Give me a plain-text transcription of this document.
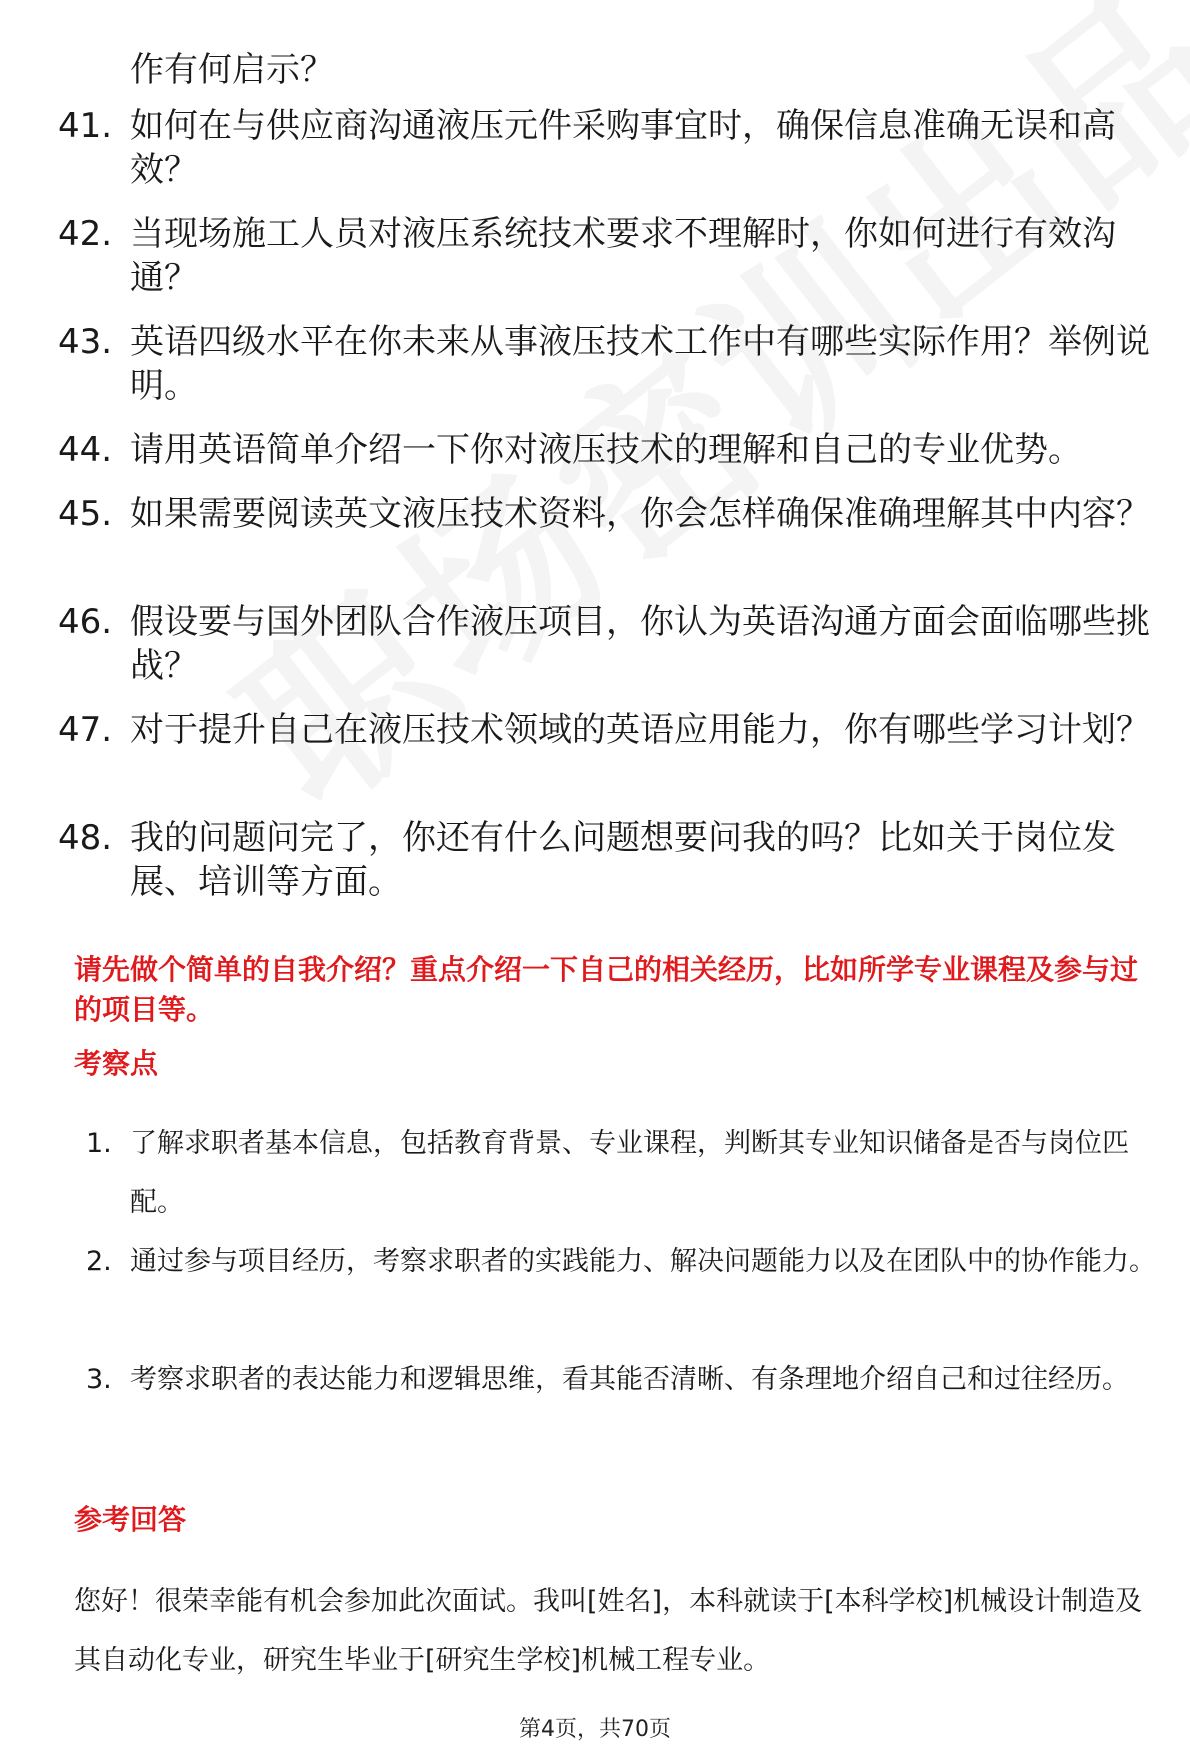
作有何启示？
41. 如何在与供应商沟通液压元件采购事宜时，确保信息准确无误和高效？
42. 当现场施工人员对液压系统技术要求不理解时，你如何进行有效沟通？
43. 英语四级水平在你未来从事液压技术工作中有哪些实际作用？举例说明。
44. 请用英语简单介绍一下你对液压技术的理解和自己的专业优势。
45. 如果需要阅读英文液压技术资料，你会怎样确保准确理解其中内容？
46. 假设要与国外团队合作液压项目，你认为英语沟通方面会面临哪些挑战？
47. 对于提升自己在液压技术领域的英语应用能力，你有哪些学习计划？
48. 我的问题问完了，你还有什么问题想要问我的吗？比如关于岗位发展、培训等方面。
请先做个简单的自我介绍？重点介绍一下自己的相关经历，比如所学专业课程及参与过的项目等。
考察点
1. 了解求职者基本信息，包括教育背景、专业课程，判断其专业知识储备是否与岗位匹配。
2. 通过参与项目经历，考察求职者的实践能力、解决问题能力以及在团队中的协作能力。
3. 考察求职者的表达能力和逻辑思维，看其能否清晰、有条理地介绍自己和过往经历。
参考回答
您好！很荣幸能有机会参加此次面试。我叫[姓名]，本科就读于[本科学校]机械设计制造及其自动化专业，研究生毕业于[研究生学校]机械工程专业。
第4页，共70页
